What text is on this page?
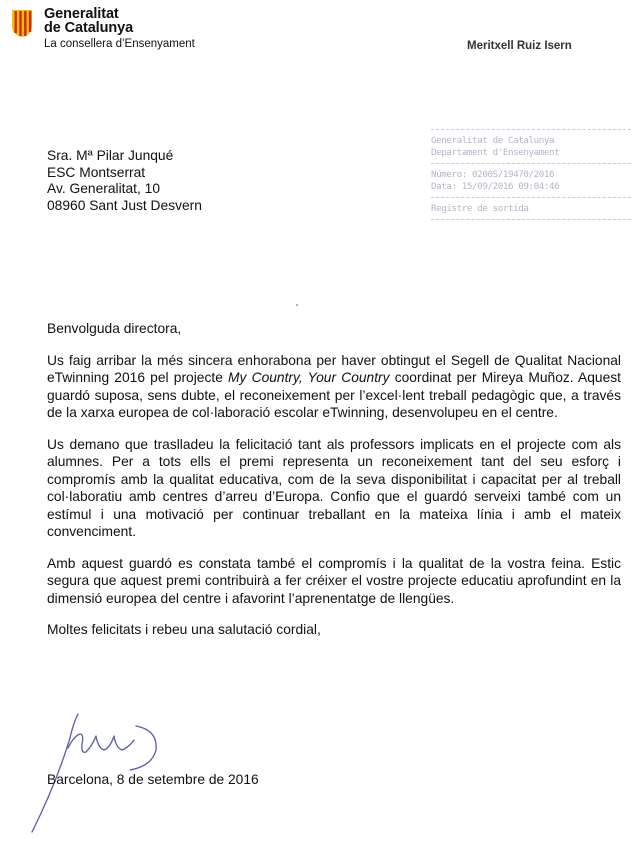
Generalitat
de Catalunya
La consellera d’Ensenyament	Meritxell Ruiz Isern
Sra. Mª Pilar Junqué
ESC Montserrat
Av. Generalitat, 10
08960 Sant Just Desvern
Generalitat de Catalunya
Departament d'Ensenyament
Número: 0200S/19470/2016
Data: 15/09/2016 09:04:46
Registre de sortida

Benvolguda directora,

Us faig arribar la més sincera enhorabona per haver obtingut el Segell de Qualitat Nacional eTwinning 2016 pel projecte My Country, Your Country coordinat per Mireya Muñoz. Aquest guardó suposa, sens dubte, el reconeixement per l’excel·lent treball pedagògic que, a través de la xarxa europea de col·laboració escolar eTwinning, desenvolupeu en el centre.

Us demano que traslladeu la felicitació tant als professors implicats en el projecte com als alumnes. Per a tots ells el premi representa un reconeixement tant del seu esforç i compromís amb la qualitat educativa, com de la seva disponibilitat i capacitat per al treball col·laboratiu amb centres d’arreu d’Europa. Confio que el guardó serveixi també com un estímul i una motivació per continuar treballant en la mateixa línia i amb el mateix convenciment.

Amb aquest guardó es constata també el compromís i la qualitat de la vostra feina. Estic segura que aquest premi contribuirà a fer créixer el vostre projecte educatiu aprofundint en la dimensió europea del centre i afavorint l’aprenentatge de llengües.

Moltes felicitats i rebeu una salutació cordial,

Barcelona, 8 de setembre de 2016
